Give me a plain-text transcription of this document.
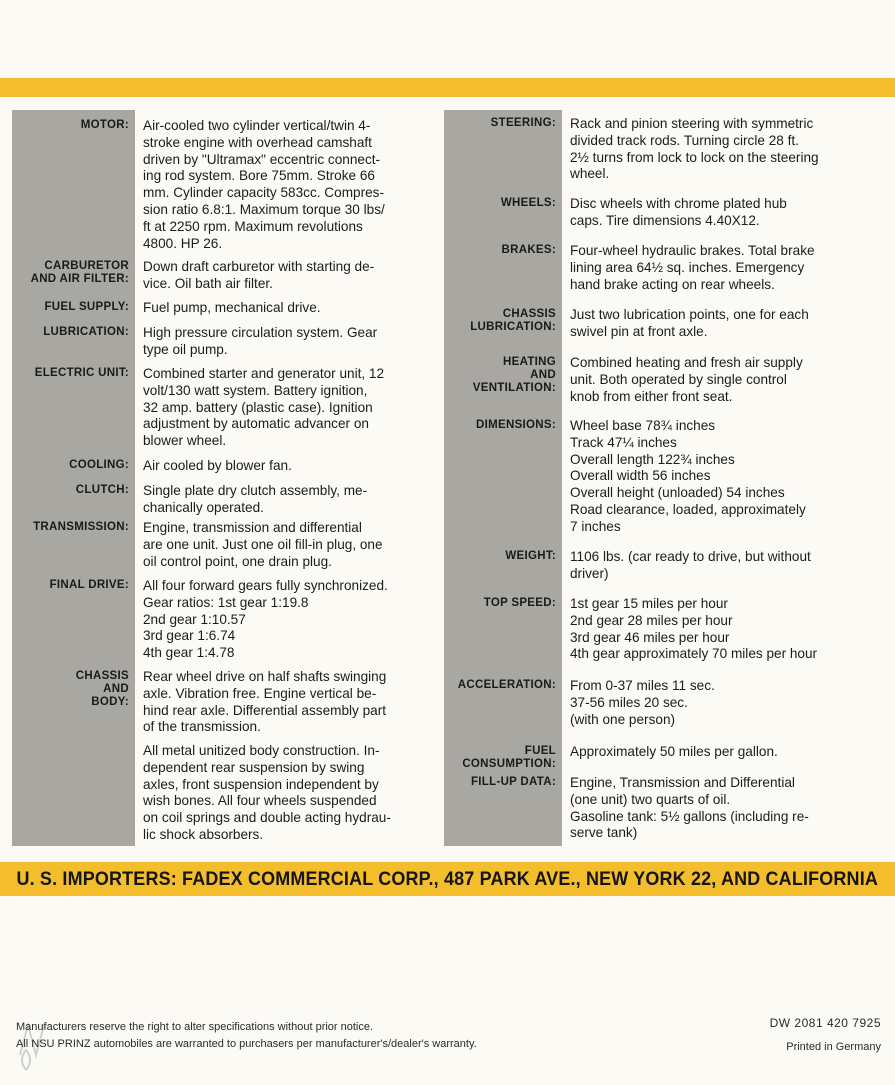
MOTOR: Air-cooled two cylinder vertical/twin 4-
stroke engine with overhead camshaft
driven by "Ultramax" eccentric connect-
ing rod system. Bore 75mm. Stroke 66
mm. Cylinder capacity 583cc. Compres-
sion ratio 6.8:1. Maximum torque 30 lbs/
ft at 2250 rpm. Maximum revolutions
4800. HP 26.
CARBURETOR
AND AIR FILTER:
Down draft carburetor with starting de-
vice. Oil bath air filter.
FUEL SUPPLY: Fuel pump, mechanical drive.
LUBRICATION: High pressure circulation system. Gear
type oil pump.
ELECTRIC UNIT: Combined starter and generator unit, 12
volt/130 watt system. Battery ignition,
32 amp. battery (plastic case). Ignition
adjustment by automatic advancer on
blower wheel.
COOLING: Air cooled by blower fan.
CLUTCH: Single plate dry clutch assembly, me-
chanically operated.
TRANSMISSION: Engine, transmission and differential
are one unit. Just one oil fill-in plug, one
oil control point, one drain plug.
FINAL DRIVE: All four forward gears fully synchronized.
Gear ratios: 1st gear 1:19.8
2nd gear 1:10.57
3rd gear 1:6.74
4th gear 1:4.78
CHASSIS
AND
BODY:
Rear wheel drive on half shafts swinging
axle. Vibration free. Engine vertical be-
hind rear axle. Differential assembly part
of the transmission.
All metal unitized body construction. In-
dependent rear suspension by swing
axles, front suspension independent by
wish bones. All four wheels suspended
on coil springs and double acting hydrau-
lic shock absorbers.
STEERING: Rack and pinion steering with symmetric
divided track rods. Turning circle 28 ft.
2½ turns from lock to lock on the steering
wheel.
WHEELS: Disc wheels with chrome plated hub
caps. Tire dimensions 4.40X12.
BRAKES: Four-wheel hydraulic brakes. Total brake
lining area 64½ sq. inches. Emergency
hand brake acting on rear wheels.
CHASSIS
LUBRICATION:
Just two lubrication points, one for each
swivel pin at front axle.
HEATING
AND
VENTILATION:
Combined heating and fresh air supply
unit. Both operated by single control
knob from either front seat.
DIMENSIONS: Wheel base 78¾ inches
Track 47¼ inches
Overall length 122¾ inches
Overall width 56 inches
Overall height (unloaded) 54 inches
Road clearance, loaded, approximately
7 inches
WEIGHT: 1106 lbs. (car ready to drive, but without
driver)
TOP SPEED: 1st gear 15 miles per hour
2nd gear 28 miles per hour
3rd gear 46 miles per hour
4th gear approximately 70 miles per hour
ACCELERATION: From 0-37 miles 11 sec.
37-56 miles 20 sec.
(with one person)
FUEL
CONSUMPTION:
Approximately 50 miles per gallon.
FILL-UP DATA: Engine, Transmission and Differential
(one unit) two quarts of oil.
Gasoline tank: 5½ gallons (including re-
serve tank)
U. S. IMPORTERS: FADEX COMMERCIAL CORP., 487 PARK AVE., NEW YORK 22, AND CALIFORNIA
Manufacturers reserve the right to alter specifications without prior notice.
All NSU PRINZ automobiles are warranted to purchasers per manufacturer's/dealer's warranty.
DW 2081 420 7925
Printed in Germany
